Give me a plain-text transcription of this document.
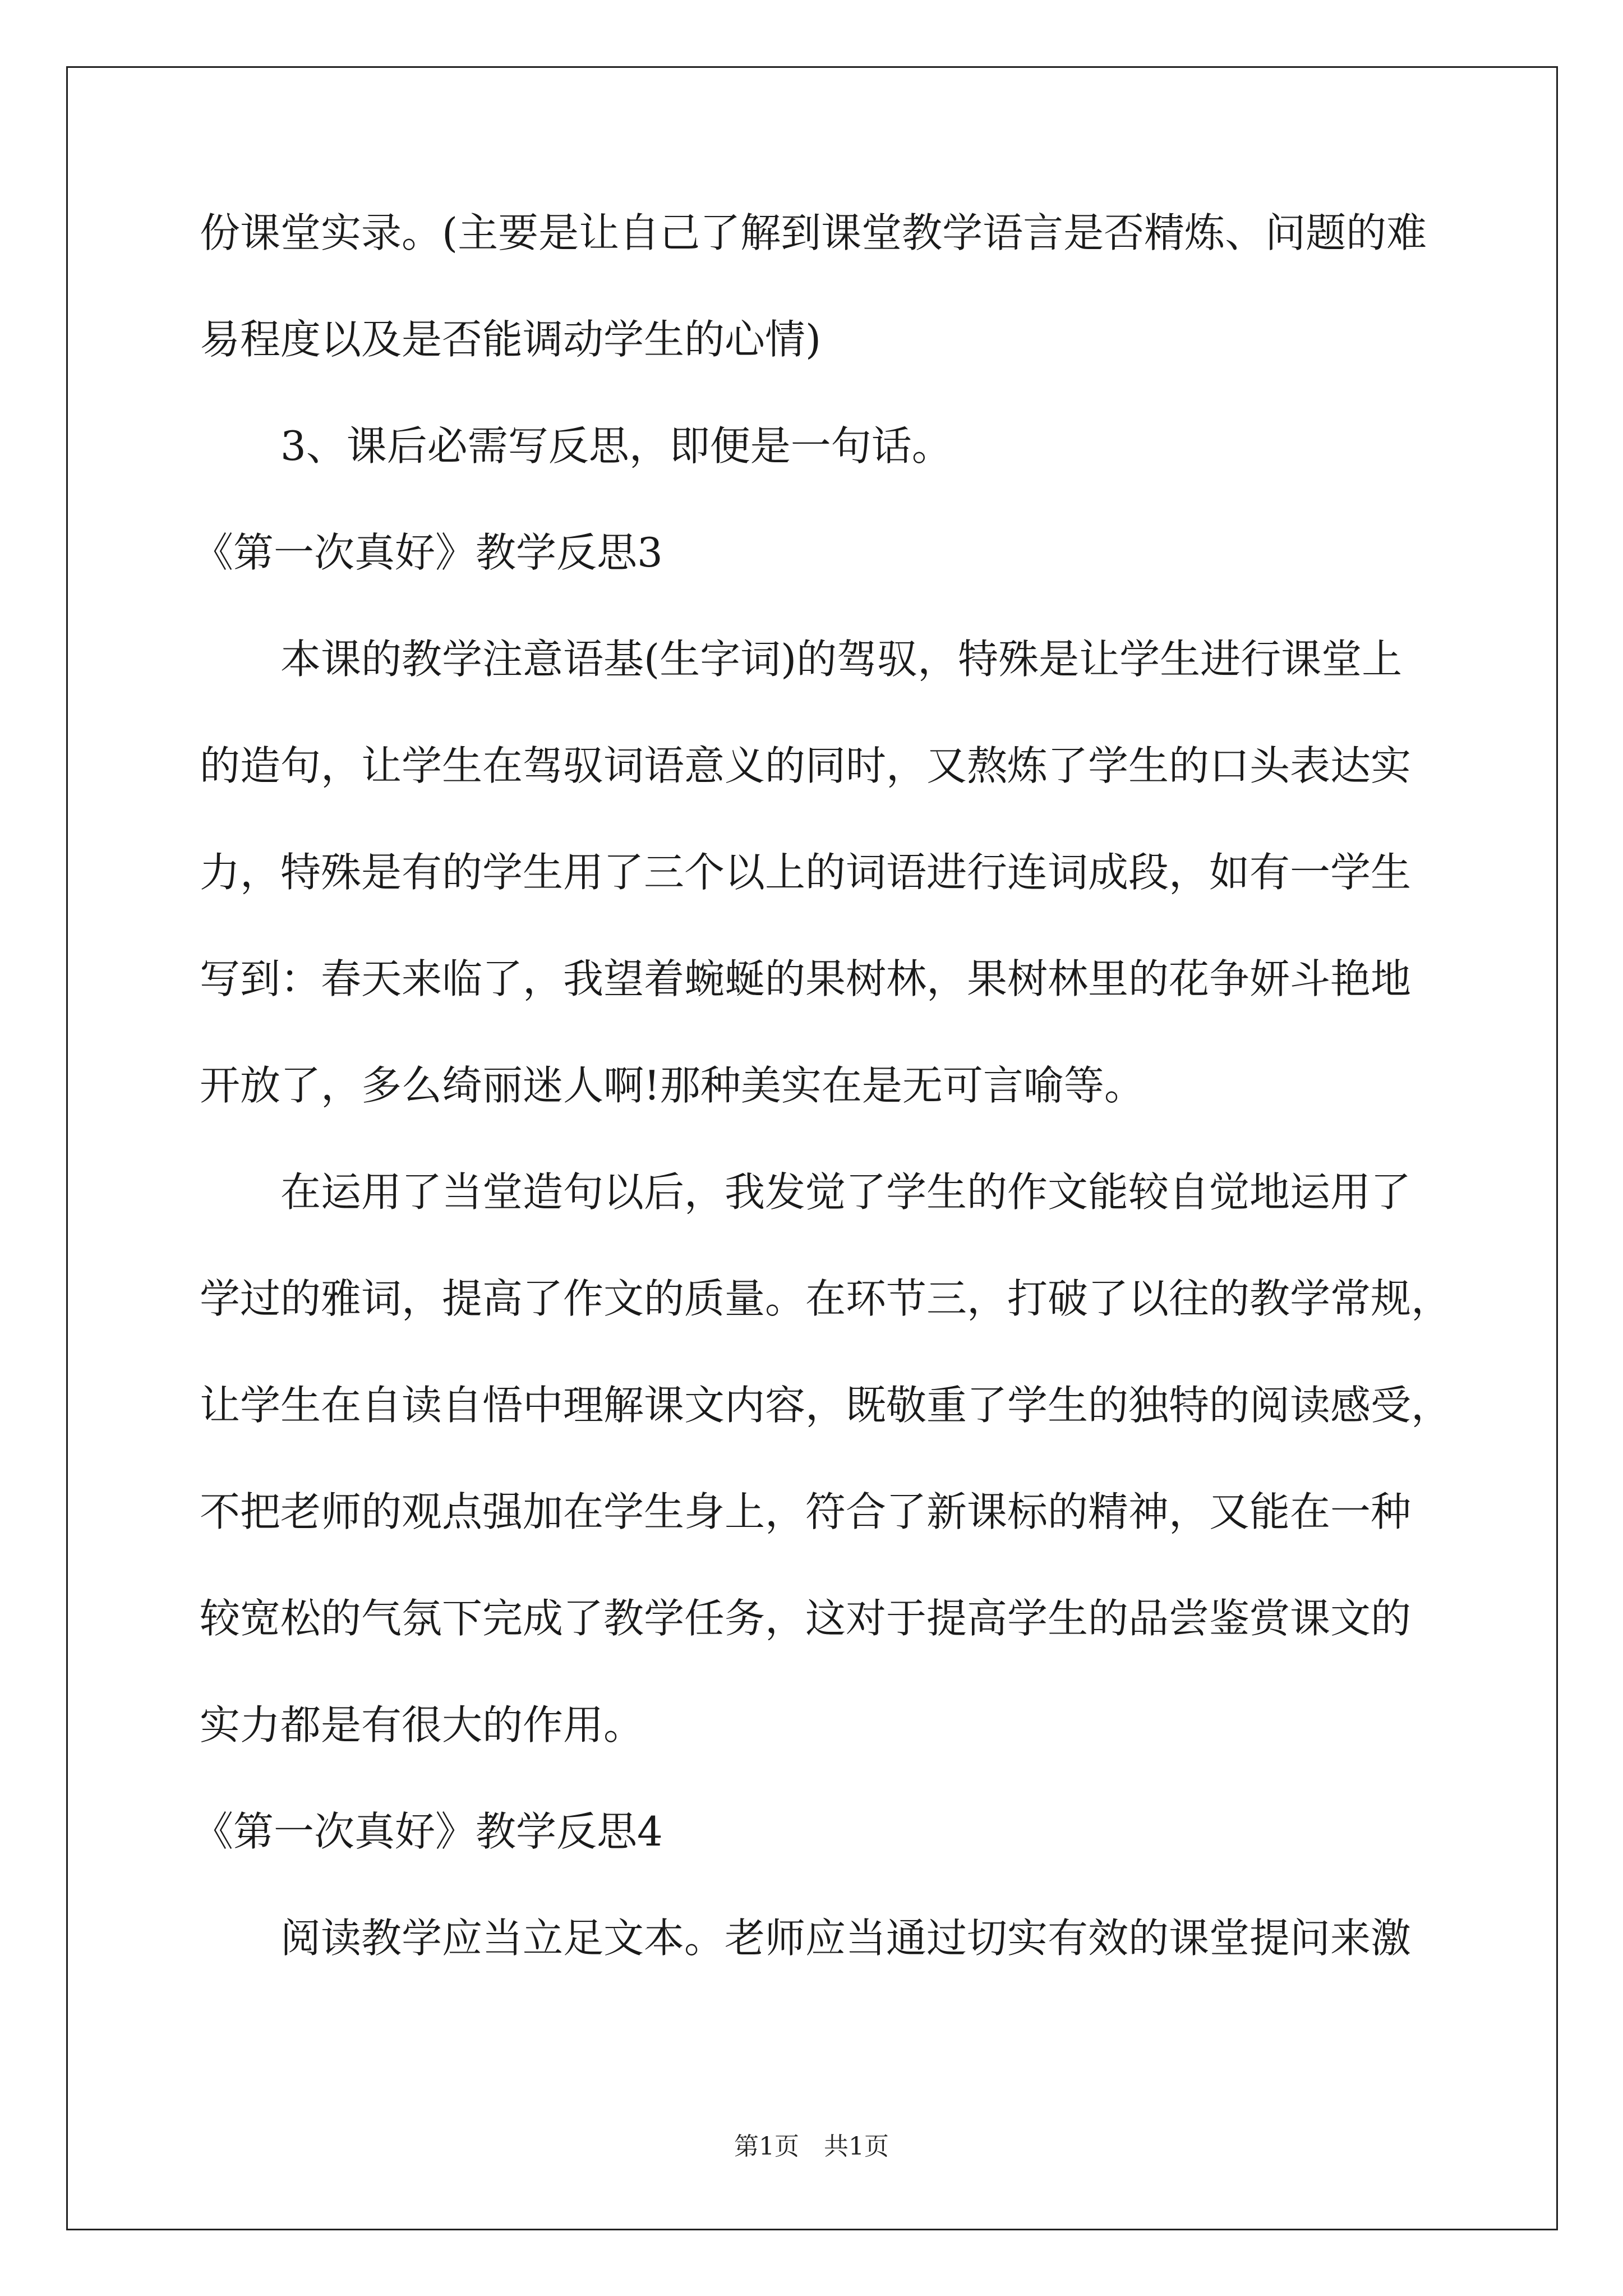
份课堂实录。(主要是让自己了解到课堂教学语言是否精炼、问题的难
易程度以及是否能调动学生的心情)
3、课后必需写反思，即便是一句话。
《第一次真好》教学反思3
本课的教学注意语基(生字词)的驾驭，特殊是让学生进行课堂上
的造句，让学生在驾驭词语意义的同时，又熬炼了学生的口头表达实
力，特殊是有的学生用了三个以上的词语进行连词成段，如有一学生
写到：春天来临了，我望着蜿蜒的果树林，果树林里的花争妍斗艳地
开放了，多么绮丽迷人啊!那种美实在是无可言喻等。
在运用了当堂造句以后，我发觉了学生的作文能较自觉地运用了
学过的雅词，提高了作文的质量。在环节三，打破了以往的教学常规，
让学生在自读自悟中理解课文内容，既敬重了学生的独特的阅读感受，
不把老师的观点强加在学生身上，符合了新课标的精神，又能在一种
较宽松的气氛下完成了教学任务，这对于提高学生的品尝鉴赏课文的
实力都是有很大的作用。
《第一次真好》教学反思4
阅读教学应当立足文本。老师应当通过切实有效的课堂提问来激
第1页　共1页
